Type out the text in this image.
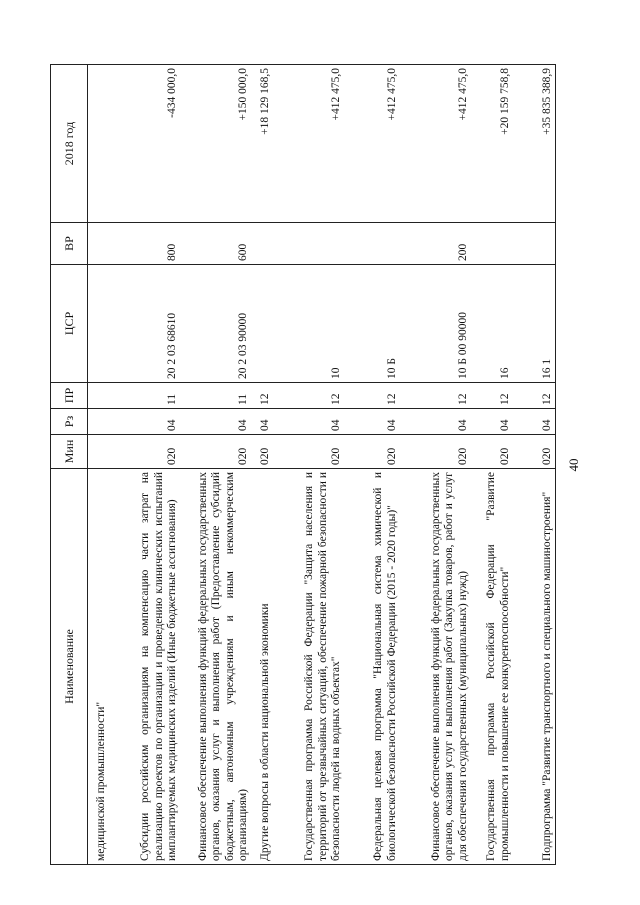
Наименование	Мин	Рз	ПР	ЦСР	ВР	2018 год
медицинской промышленности"						
Субсидии российским организациям на компенсацию части затрат на реализацию проектов по организации и проведению клинических испытаний имплантируемых медицинских изделий (Иные бюджетные ассигнования)	020	04	11	20 2 03 68610	800	-434 000,0
Финансовое обеспечение выполнения функций федеральных государственных органов, оказания услуг и выполнения работ (Предоставление субсидий бюджетным, автономным учреждениям и иным некоммерческим организациям)	020	04	11	20 2 03 90000	600	+150 000,0
Другие вопросы в области национальной экономики	020	04	12			+18 129 168,5
Государственная программа Российской Федерации "Защита населения и территорий от чрезвычайных ситуаций, обеспечение пожарной безопасности и безопасности людей на водных объектах"	020	04	12	10		+412 475,0
Федеральная целевая программа "Национальная система химической и биологической безопасности Российской Федерации (2015 - 2020 годы)"	020	04	12	10 Б		+412 475,0
Финансовое обеспечение выполнения функций федеральных государственных органов, оказания услуг и выполнения работ (Закупка товаров, работ и услуг для обеспечения государственных (муниципальных) нужд)	020	04	12	10 Б 00 90000	200	+412 475,0
Государственная программа Российской Федерации "Развитие промышленности и повышение ее конкурентоспособности"	020	04	12	16		+20 159 758,8
Подпрограмма "Развитие транспортного и специального машиностроения"	020	04	12	16 1		+35 835 388,9
40
